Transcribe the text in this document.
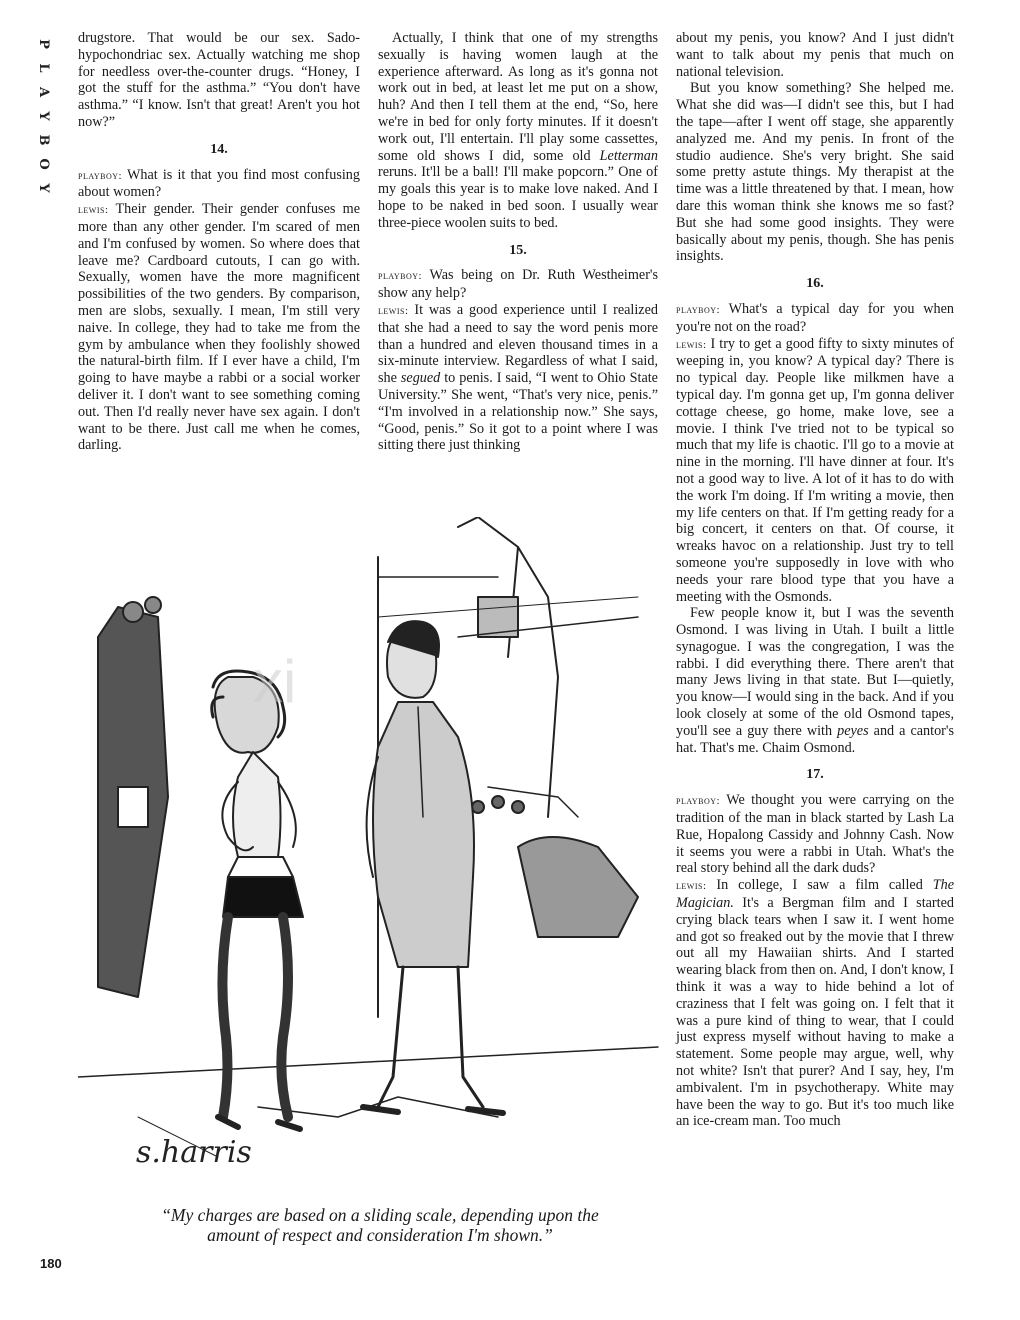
P
L
A
Y
B
O
Y

drugstore. That would be our sex. Sado-hypochondriac sex. Actually watching me shop for needless over-the-counter drugs. “Honey, I got the stuff for the asthma.” “You don't have asthma.” “I know. Isn't that great! Aren't you hot now?”

14.

playboy: What is it that you find most confusing about women?

lewis: Their gender. Their gender confuses me more than any other gender. I'm scared of men and I'm confused by women. So where does that leave me? Cardboard cutouts, I can go with. Sexually, women have the more magnificent possibilities of the two genders. By comparison, men are slobs, sexually. I mean, I'm still very naive. In college, they had to take me from the gym by ambulance when they foolishly showed the natural-birth film. If I ever have a child, I'm going to have maybe a rabbi or a social worker deliver it. I don't want to see something coming out. Then I'd really never have sex again. I don't want to be there. Just call me when he comes, darling.

Actually, I think that one of my strengths sexually is having women laugh at the experience afterward. As long as it's gonna not work out in bed, at least let me put on a show, huh? And then I tell them at the end, “So, here we're in bed for only forty minutes. If it doesn't work out, I'll entertain. I'll play some cassettes, some old shows I did, some old Letterman reruns. It'll be a ball! I'll make popcorn.” One of my goals this year is to make love naked. And I hope to be naked in bed soon. I usually wear three-piece woolen suits to bed.

15.

playboy: Was being on Dr. Ruth Westheimer's show any help?

lewis: It was a good experience until I realized that she had a need to say the word penis more than a hundred and eleven thousand times in a six-minute interview. Regardless of what I said, she segued to penis. I said, “I went to Ohio State University.” She went, “That's very nice, penis.” “I'm involved in a relationship now.” She says, “Good, penis.” So it got to a point where I was sitting there just thinking

about my penis, you know? And I just didn't want to talk about my penis that much on national television.

But you know something? She helped me. What she did was—I didn't see this, but I had the tape—after I went off stage, she apparently analyzed me. And my penis. In front of the studio audience. She's very bright. She said some pretty astute things. My therapist at the time was a little threatened by that. I mean, how dare this woman think she knows me so fast? But she had some good insights. They were basically about my penis, though. She has penis insights.

16.

playboy: What's a typical day for you when you're not on the road?

lewis: I try to get a good fifty to sixty minutes of weeping in, you know? A typical day? There is no typical day. People like milkmen have a typical day. I'm gonna get up, I'm gonna deliver cottage cheese, go home, make love, see a movie. I think I've tried not to be typical so much that my life is chaotic. I'll go to a movie at nine in the morning. I'll have dinner at four. It's not a good way to live. A lot of it has to do with the work I'm doing. If I'm writing a movie, then my life centers on that. If I'm getting ready for a big concert, it centers on that. Of course, it wreaks havoc on a relationship. Just try to tell someone you're supposedly in love with who needs your rare blood type that you have a meeting with the Osmonds.

Few people know it, but I was the seventh Osmond. I was living in Utah. I built a little synagogue. I was the congregation, I was the rabbi. I did everything there. There aren't that many Jews living in that state. But I—quietly, you know—I would sing in the back. And if you look closely at some of the old Osmond tapes, you'll see a guy there with peyes and a cantor's hat. That's me. Chaim Osmond.

17.

playboy: We thought you were carrying on the tradition of the man in black started by Lash La Rue, Hopalong Cassidy and Johnny Cash. Now it seems you were a rabbi in Utah. What's the real story behind all the dark duds?

lewis: In college, I saw a film called The Magician. It's a Bergman film and I started crying black tears when I saw it. I went home and got so freaked out by the movie that I threw out all my Hawaiian shirts. And I started wearing black from then on. And, I don't know, I think it was a way to hide behind a lot of craziness that I felt was going on. I felt that it was a pure kind of thing to wear, that I could just express myself without having to make a statement. Some people may argue, well, why not white? Isn't that purer? And I say, hey, I'm ambivalent. I'm in psychotherapy. White may have been the way to go. But it's too much like an ice-cream man. Too much

xi
s.harris
“My charges are based on a sliding scale, depending upon the amount of respect and consideration I'm shown.”
180
